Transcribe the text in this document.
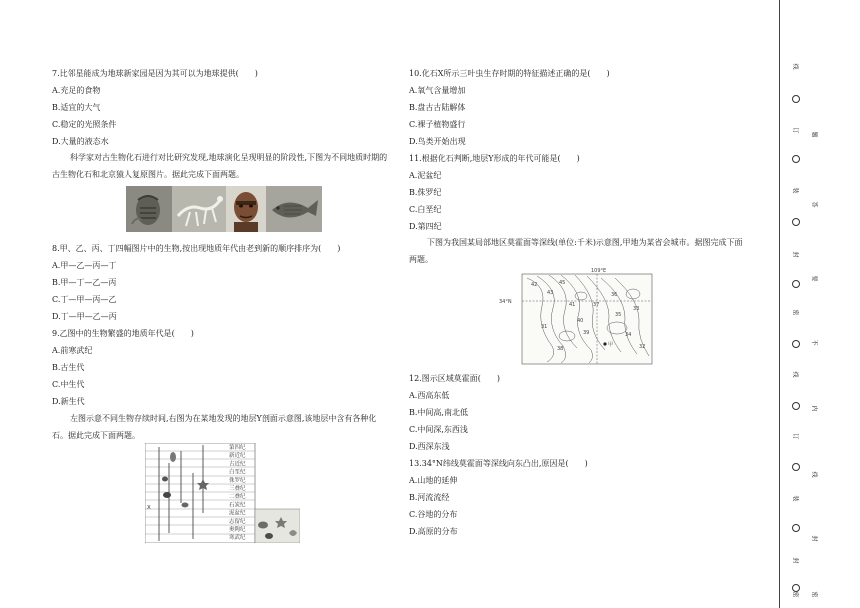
7.比邻星能成为地球新家园是因为其可以为地球提供(　　)
A.充足的食物
B.适宜的大气
C.稳定的光照条件
D.大量的液态水
科学家对古生物化石进行对比研究发现,地球演化呈现明显的阶段性,下图为不同地质时期的古生物化石和北京猿人复原图片。据此完成下面两题。
8.甲、乙、丙、丁四幅图片中的生物,按出现地质年代由老到新的顺序排序为(　　)
A.甲—乙—丙—丁
B.甲—丁—乙—丙
C.丁—甲—丙—乙
D.丁—甲—乙—丙
9.乙图中的生物繁盛的地质年代是(　　)
A.前寒武纪
B.古生代
C.中生代
D.新生代
左图示意不同生物存续时间,右图为在某地发现的地层Y剖面示意图,该地层中含有各种化石。据此完成下面两题。
X
第四纪
新近纪
古近纪
白垩纪
侏罗纪
三叠纪
二叠纪
石炭纪
泥盆纪
志留纪
奥陶纪
寒武纪
10.化石X所示三叶虫生存时期的特征描述正确的是(　　)
A.氧气含量增加
B.盘古古陆解体
C.裸子植物盛行
D.鸟类开始出现
11.根据化石判断,地层Y形成的年代可能是(　　)
A.泥盆纪
B.侏罗纪
C.白垩纪
D.第四纪
下图为我国某局部地区莫霍面等深线(单位:千米)示意图,甲地为某省会城市。据图完成下面两题。
甲
109°E
34°N
42
43
45
41
40
39
38
37
36
35
34
33
32
31
12.图示区域莫霍面(　　)
A.西高东低
B.中间高,南北低
C.中间深,东西浅
D.西深东浅
13.34°N纬线莫霍面等深线向东凸出,原因是(　　)
A.山地的延伸
B.河流流经
C.谷地的分布
D.高原的分布
线
订
装
封
密
线
订
装
封
密
题
答
要
不
内
线
封
密
